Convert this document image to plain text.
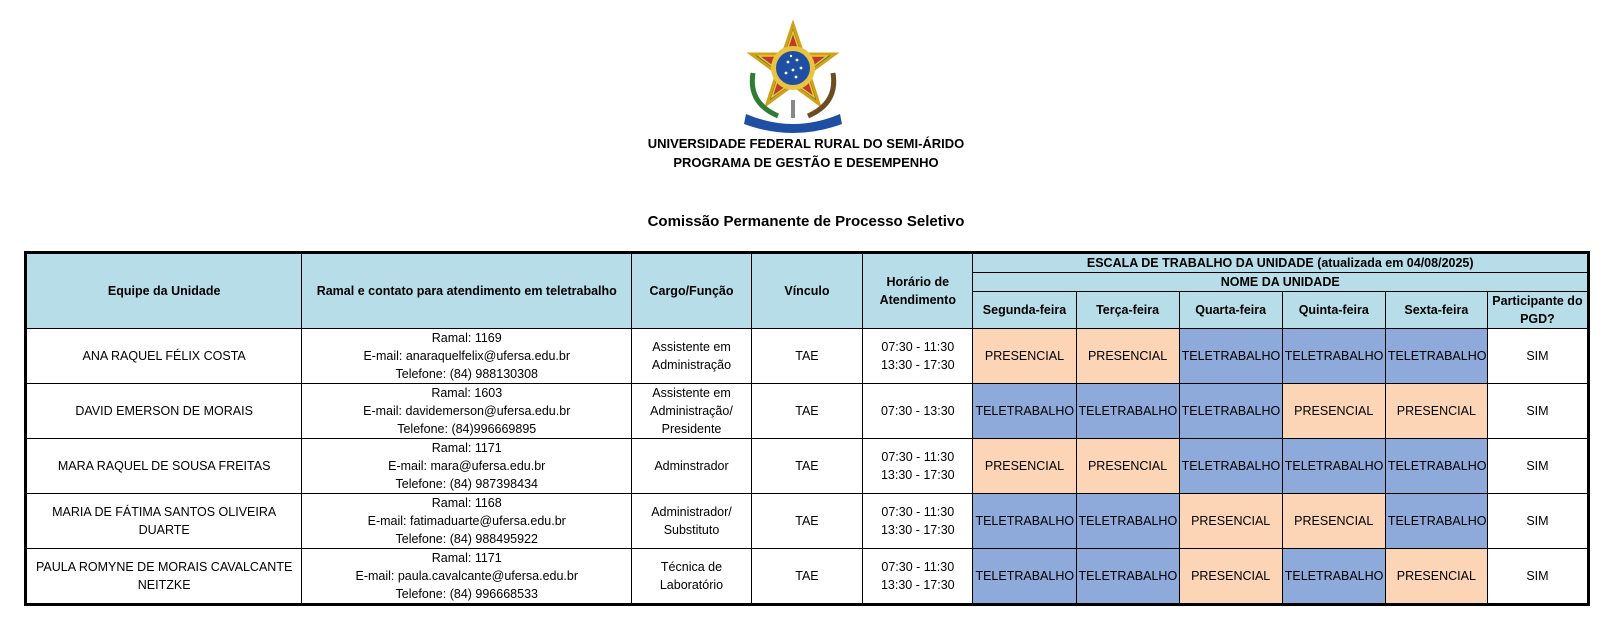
UNIVERSIDADE FEDERAL RURAL DO SEMI-ÁRIDO
PROGRAMA DE GESTÃO E DESEMPENHO
Comissão Permanente de Processo Seletivo
Equipe da Unidade	Ramal e contato para atendimento em teletrabalho	Cargo/Função	Vínculo	Horário de Atendimento	ESCALA DE TRABALHO DA UNIDADE (atualizada em 04/08/2025)					
					NOME DA UNIDADE					
					Segunda-feira	Terça-feira	Quarta-feira	Quinta-feira	Sexta-feira	Participante do PGD?

ANA RAQUEL FÉLIX COSTA	Ramal: 1169
E-mail: anaraquelfelix@ufersa.edu.br
Telefone: (84) 988130308	Assistente em Administração	TAE	07:30 - 11:30
13:30 - 17:30	PRESENCIAL	PRESENCIAL	TELETRABALHO	TELETRABALHO	TELETRABALHO	SIM

DAVID EMERSON DE MORAIS	Ramal: 1603
E-mail: davidemerson@ufersa.edu.br
Telefone: (84)996669895	Assistente em Administração/ Presidente	TAE	07:30 - 13:30	TELETRABALHO	TELETRABALHO	TELETRABALHO	PRESENCIAL	PRESENCIAL	SIM

MARA RAQUEL DE SOUSA FREITAS	Ramal: 1171
E-mail: mara@ufersa.edu.br
Telefone: (84) 987398434	Adminstrador	TAE	07:30 - 11:30
13:30 - 17:30	PRESENCIAL	PRESENCIAL	TELETRABALHO	TELETRABALHO	TELETRABALHO	SIM

MARIA DE FÁTIMA SANTOS OLIVEIRA DUARTE	Ramal: 1168
E-mail: fatimaduarte@ufersa.edu.br
Telefone: (84) 988495922	Administrador/ Substituto	TAE	07:30 - 11:30
13:30 - 17:30	TELETRABALHO	TELETRABALHO	PRESENCIAL	PRESENCIAL	TELETRABALHO	SIM

PAULA ROMYNE DE MORAIS CAVALCANTE NEITZKE	Ramal: 1171
E-mail: paula.cavalcante@ufersa.edu.br
Telefone: (84) 996668533	Técnica de Laboratório	TAE	07:30 - 11:30
13:30 - 17:30	TELETRABALHO	TELETRABALHO	PRESENCIAL	TELETRABALHO	PRESENCIAL	SIM
